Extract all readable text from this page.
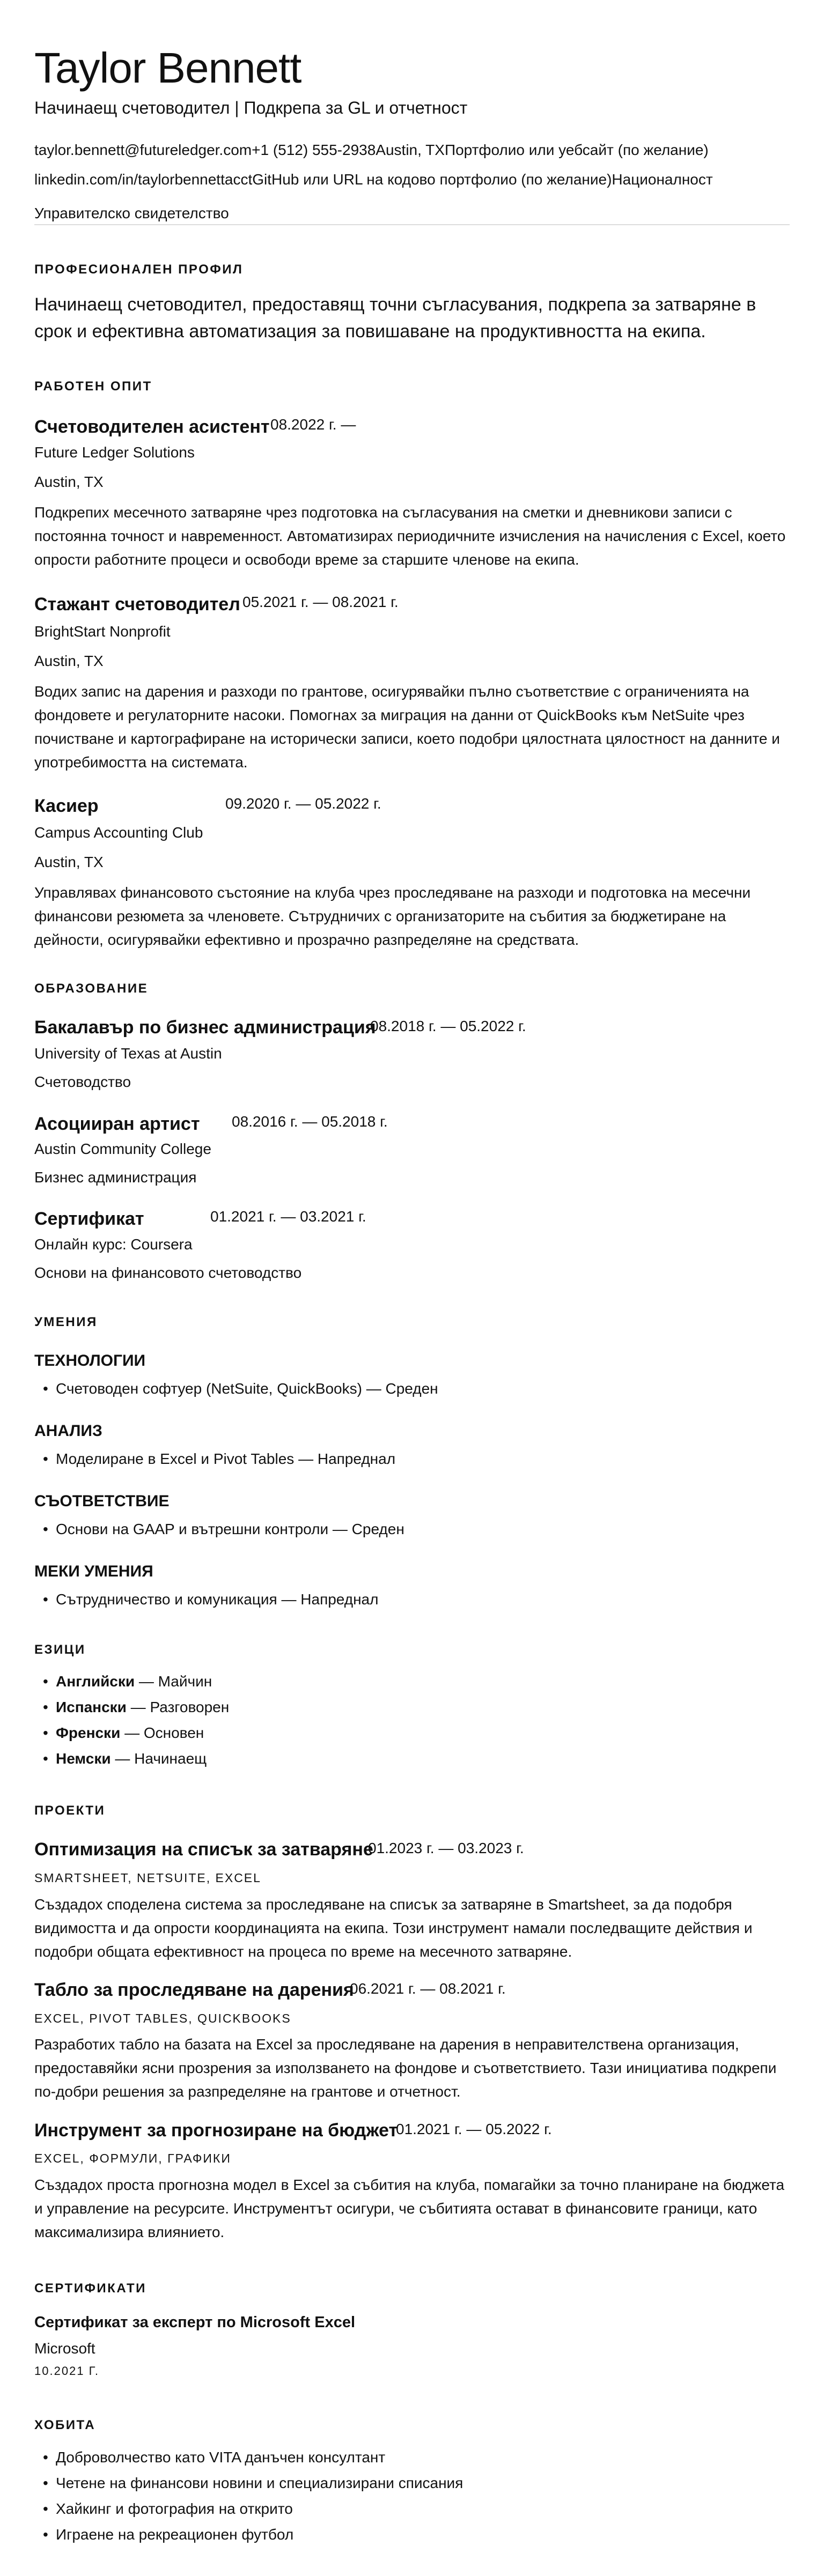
Taylor Bennett
Начинаещ счетоводител | Подкрепа за GL и отчетност
taylor.bennett@futureledger.com+1 (512) 555-2938Austin, TXПортфолио или уебсайт (по желание)
linkedin.com/in/taylorbennettacctGitHub или URL на кодово портфолио (по желание)Националност
Управителско свидетелство
ПРОФЕСИОНАЛЕН ПРОФИЛ
Начинаещ счетоводител, предоставящ точни съгласувания, подкрепа за затваряне в срок и ефективна автоматизация за повишаване на продуктивността на екипа.
РАБОТЕН ОПИТ
Счетоводителен асистент 08.2022 г. —
Future Ledger Solutions
Austin, TX
Подкрепих месечното затваряне чрез подготовка на съгласувания на сметки и дневникови записи с постоянна точност и навременност. Автоматизирах периодичните изчисления на начисления с Excel, което опрости работните процеси и освободи време за старшите членове на екипа.
Стажант счетоводител 05.2021 г. — 08.2021 г.
BrightStart Nonprofit
Austin, TX
Водих запис на дарения и разходи по грантове, осигурявайки пълно съответствие с ограниченията на фондовете и регулаторните насоки. Помогнах за миграция на данни от QuickBooks към NetSuite чрез почистване и картографиране на исторически записи, което подобри цялостната цялостност на данните и употребимостта на системата.
Касиер	09.2020 г. — 05.2022 г.
Campus Accounting Club
Austin, TX
Управлявах финансовото състояние на клуба чрез проследяване на разходи и подготовка на месечни финансови резюмета за членовете. Сътрудничих с организаторите на събития за бюджетиране на дейности, осигурявайки ефективно и прозрачно разпределяне на средствата.
ОБРАЗОВАНИЕ
Бакалавър по бизнес администрация
08.2018 г. — 05.2022 г.
University of Texas at Austin
Счетоводство
Асоцииран артист 08.2016 г. — 05.2018 г.
Austin Community College
Бизнес администрация
Сертификат	01.2021 г. — 03.2021 г.
Онлайн курс: Coursera
Основи на финансовото счетоводство
УМЕНИЯ
ТЕХНОЛОГИИ
• Счетоводен софтуер (NetSuite, QuickBooks) — Среден
АНАЛИЗ
• Моделиране в Excel и Pivot Tables — Напреднал
СЪОТВЕТСТВИЕ
• Основи на GAAP и вътрешни контроли — Среден
МЕКИ УМЕНИЯ
• Сътрудничество и комуникация — Напреднал
ЕЗИЦИ
• Английски — Майчин
• Испански — Разговорен
• Френски — Основен
• Немски — Начинаещ
ПРОЕКТИ
Оптимизация на списък за затваряне
01.2023 г. — 03.2023 г.
SMARTSHEET, NETSUITE, EXCEL
Създадох споделена система за проследяване на списък за затваряне в Smartsheet, за да подобря видимостта и да опрости координацията на екипа. Този инструмент намали последващите действия и подобри общата ефективност на процеса по време на месечното затваряне.
Табло за проследяване на дарения
06.2021 г. — 08.2021 г.
EXCEL, PIVOT TABLES, QUICKBOOKS
Разработих табло на базата на Excel за проследяване на дарения в неправителствена организация, предоставяйки ясни прозрения за използването на фондове и съответствието. Тази инициатива подкрепи по-добри решения за разпределяне на грантове и отчетност.
Инструмент за прогнозиране на бюджет
01.2021 г. — 05.2022 г.
EXCEL, ФОРМУЛИ, ГРАФИКИ
Създадох проста прогнозна модел в Excel за събития на клуба, помагайки за точно планиране на бюджета и управление на ресурсите. Инструментът осигури, че събитията остават в финансовите граници, като максимализира влиянието.
СЕРТИФИКАТИ
Сертификат за експерт по Microsoft Excel
Microsoft
10.2021 Г.
ХОБИТА
• Доброволчество като VITA данъчен консултант
• Четене на финансови новини и специализирани списания
• Хайкинг и фотография на открито
• Играене на рекреационен футбол
